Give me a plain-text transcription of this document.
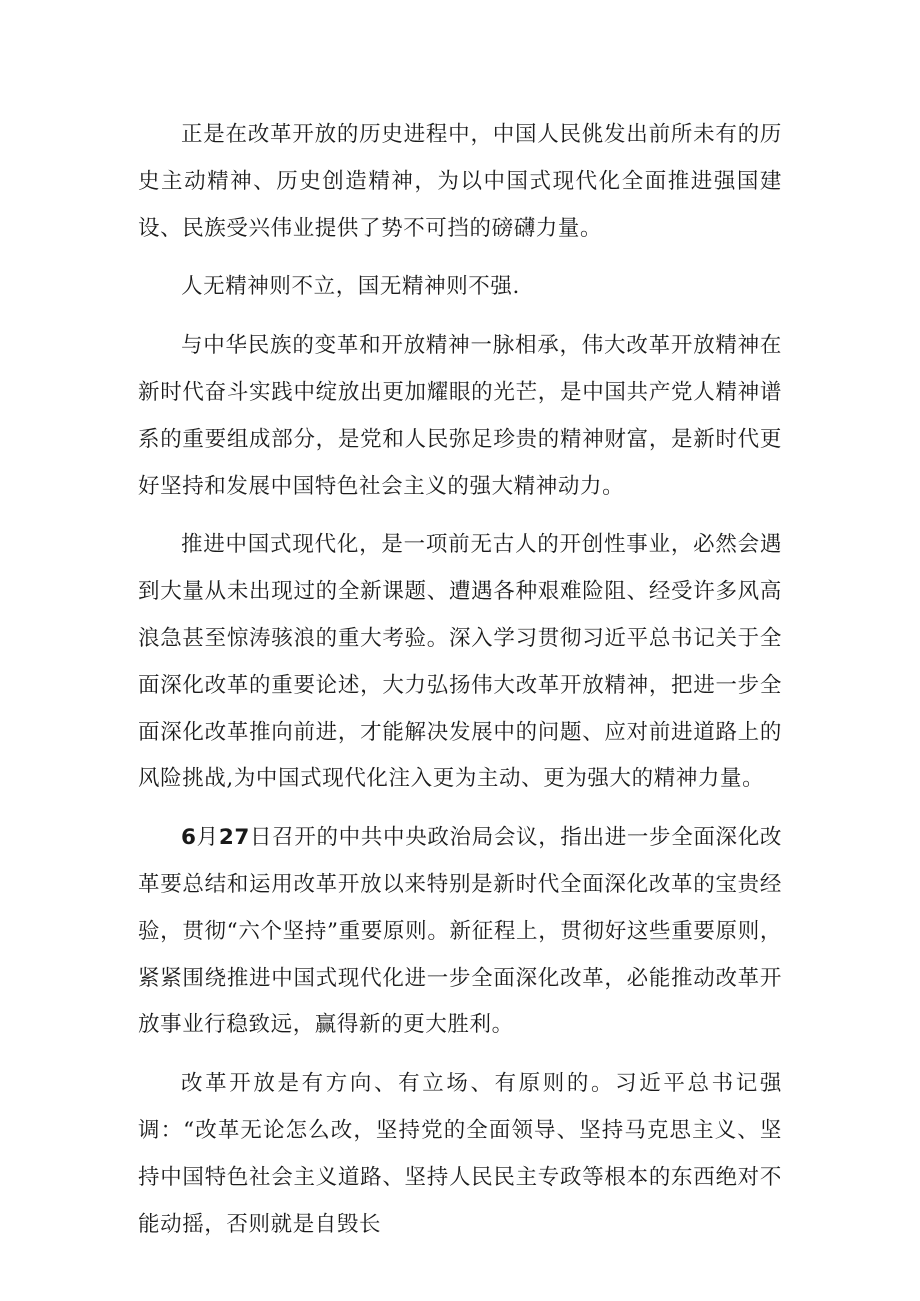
正是在改革开放的历史进程中，中国人民佻发出前所未有的历史主动精神、历史创造精神，为以中国式现代化全面推进强国建设、民族受兴伟业提供了势不可挡的磅礴力量。

人无精神则不立，国无精神则不强.

与中华民族的变革和开放精神一脉相承，伟大改革开放精神在新时代奋斗实践中绽放出更加耀眼的光芒，是中国共产党人精神谱系的重要组成部分，是党和人民弥足珍贵的精神财富，是新时代更好坚持和发展中国特色社会主义的强大精神动力。

推进中国式现代化，是一项前无古人的开创性事业，必然会遇到大量从未出现过的全新课题、遭遇各种艰难险阻、经受许多风高浪急甚至惊涛骇浪的重大考验。深入学习贯彻习近平总书记关于全面深化改革的重要论述，大力弘扬伟大改革开放精神，把进一步全面深化改革推向前进，才能解决发展中的问题、应对前进道路上的风险挑战,为中国式现代化注入更为主动、更为强大的精神力量。

6月27日召开的中共中央政治局会议，指出进一步全面深化改革要总结和运用改革开放以来特别是新时代全面深化改革的宝贵经验，贯彻“六个坚持”重要原则。新征程上，贯彻好这些重要原则，紧紧围绕推进中国式现代化进一步全面深化改革，必能推动改革开放事业行稳致远，赢得新的更大胜利。

改革开放是有方向、有立场、有原则的。习近平总书记强调：“改革无论怎么改，坚持党的全面领导、坚持马克思主义、坚持中国特色社会主义道路、坚持人民民主专政等根本的东西绝对不能动摇，否则就是自毁长
